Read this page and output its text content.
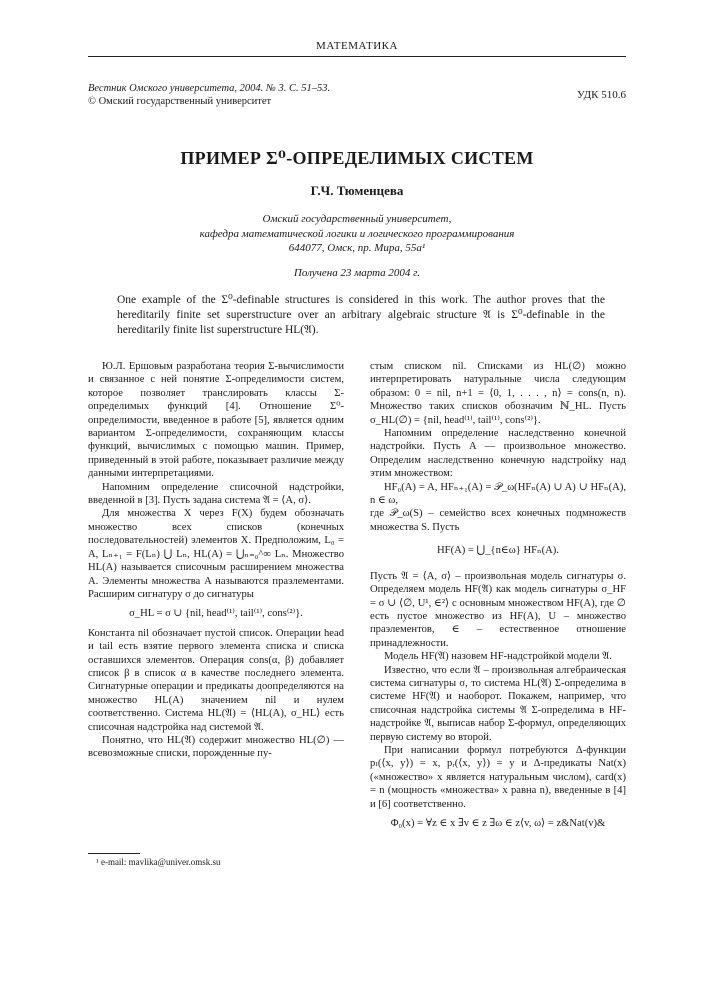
МАТЕМАТИКА
Вестник Омского университета, 2004. № 3. С. 51–53.
© Омский государственный университет
УДК 510.6
ПРИМЕР Σ⁰-ОПРЕДЕЛИМЫХ СИСТЕМ
Г.Ч. Тюменцева
Омский государственный университет,
кафедра математической логики и логического программирования
644077, Омск, пр. Мира, 55а¹
Получена 23 марта 2004 г.
One example of the Σ⁰-definable structures is considered in this work. The author proves that the hereditarily finite set superstructure over an arbitrary algebraic structure 𝔄 is Σ⁰-definable in the hereditarily finite list superstructure HL(𝔄).

Ю.Л. Ершовым разработана теория Σ-вычислимости и связанное с ней понятие Σ-определимости систем, которое позволяет транслировать классы Σ-определимых функций [4]. Отношение Σ⁰-определимости, введенное в работе [5], является одним вариантом Σ-определимости, сохраняющим классы функций, вычислимых с помощью машин. Пример, приведенный в этой работе, показывает различие между данными интерпретациями.

Напомним определение списочной надстройки, введенной в [3]. Пусть задана система 𝔄 = ⟨A, σ⟩.

Для множества X через F(X) будем обозначать множество всех списков (конечных последовательностей) элементов X. Предположим, L₀ = A, Lₙ₊₁ = F(Lₙ) ⋃ Lₙ, HL(A) = ⋃ₙ₌₀^∞ Lₙ. Множество HL(A) называется списочным расширением множества A. Элементы множества A называются праэлементами. Расширим сигнатуру σ до сигнатуры

σ_HL = σ ∪ {nil, head⁽¹⁾, tail⁽¹⁾, cons⁽²⁾}.

Константа nil обозначает пустой список. Операции head и tail есть взятие первого элемента списка и списка оставшихся элементов. Операция cons(α, β) добавляет список β в список α в качестве последнего элемента. Сигнатурные операции и предикаты доопределяются на множество HL(A) значением nil и нулем соответственно. Система HL(𝔄) = ⟨HL(A), σ_HL⟩ есть списочная надстройка над системой 𝔄.

Понятно, что HL(𝔄) содержит множество HL(∅) — всевозможные списки, порожденные пу-

стым списком nil. Списками из HL(∅) можно интерпретировать натуральные числа следующим образом: 0 = nil, n+1 = ⟨0, 1, . . . , n⟩ = cons(n, n). Множество таких списков обозначим ℕ_HL. Пусть σ_HL(∅) = {nil, head⁽¹⁾, tail⁽¹⁾, cons⁽²⁾}.

Напомним определение наследственно конечной надстройки. Пусть A — произвольное множество. Определим наследственно конечную надстройку над этим множеством:

HF₀(A) = A, HFₙ₊₁(A) = 𝒫_ω(HFₙ(A) ∪ A) ∪ HFₙ(A), n ∈ ω,

где 𝒫_ω(S) – семейство всех конечных подмножеств множества S. Пусть

HF(A) = ⋃_{n∈ω} HFₙ(A).

Пусть 𝔄 = ⟨A, σ⟩ – произвольная модель сигнатуры σ. Определяем модель HF(𝔄) как модель сигнатуры σ_HF = σ ∪ ⟨∅, U¹, ∈²⟩ с основным множеством HF(A), где ∅ есть пустое множество из HF(A), U – множество праэлементов, ∈ – естественное отношение принадлежности.

Модель HF(𝔄) назовем HF-надстройкой модели 𝔄.

Известно, что если 𝔄 – произвольная алгебраическая система сигнатуры σ, то система HL(𝔄) Σ-определима в системе HF(𝔄) и наоборот. Покажем, например, что списочная надстройка системы 𝔄 Σ-определима в HF-надстройке 𝔄, выписав набор Σ-формул, определяющих первую систему во второй.

При написании формул потребуются Δ-функции pₗ(⟨x, y⟩) = x, pᵣ(⟨x, y⟩) = y и Δ-предикаты Nat(x) («множество» x является натуральным числом), card(x) = n (мощность «множества» x равна n), введенные в [4] и [6] соответственно.

Φ₀(x) = ∀z ∈ x ∃v ∈ z ∃ω ∈ z⟨v, ω⟩ = z&Nat(v)&
¹ e-mail: mavlika@univer.omsk.su
